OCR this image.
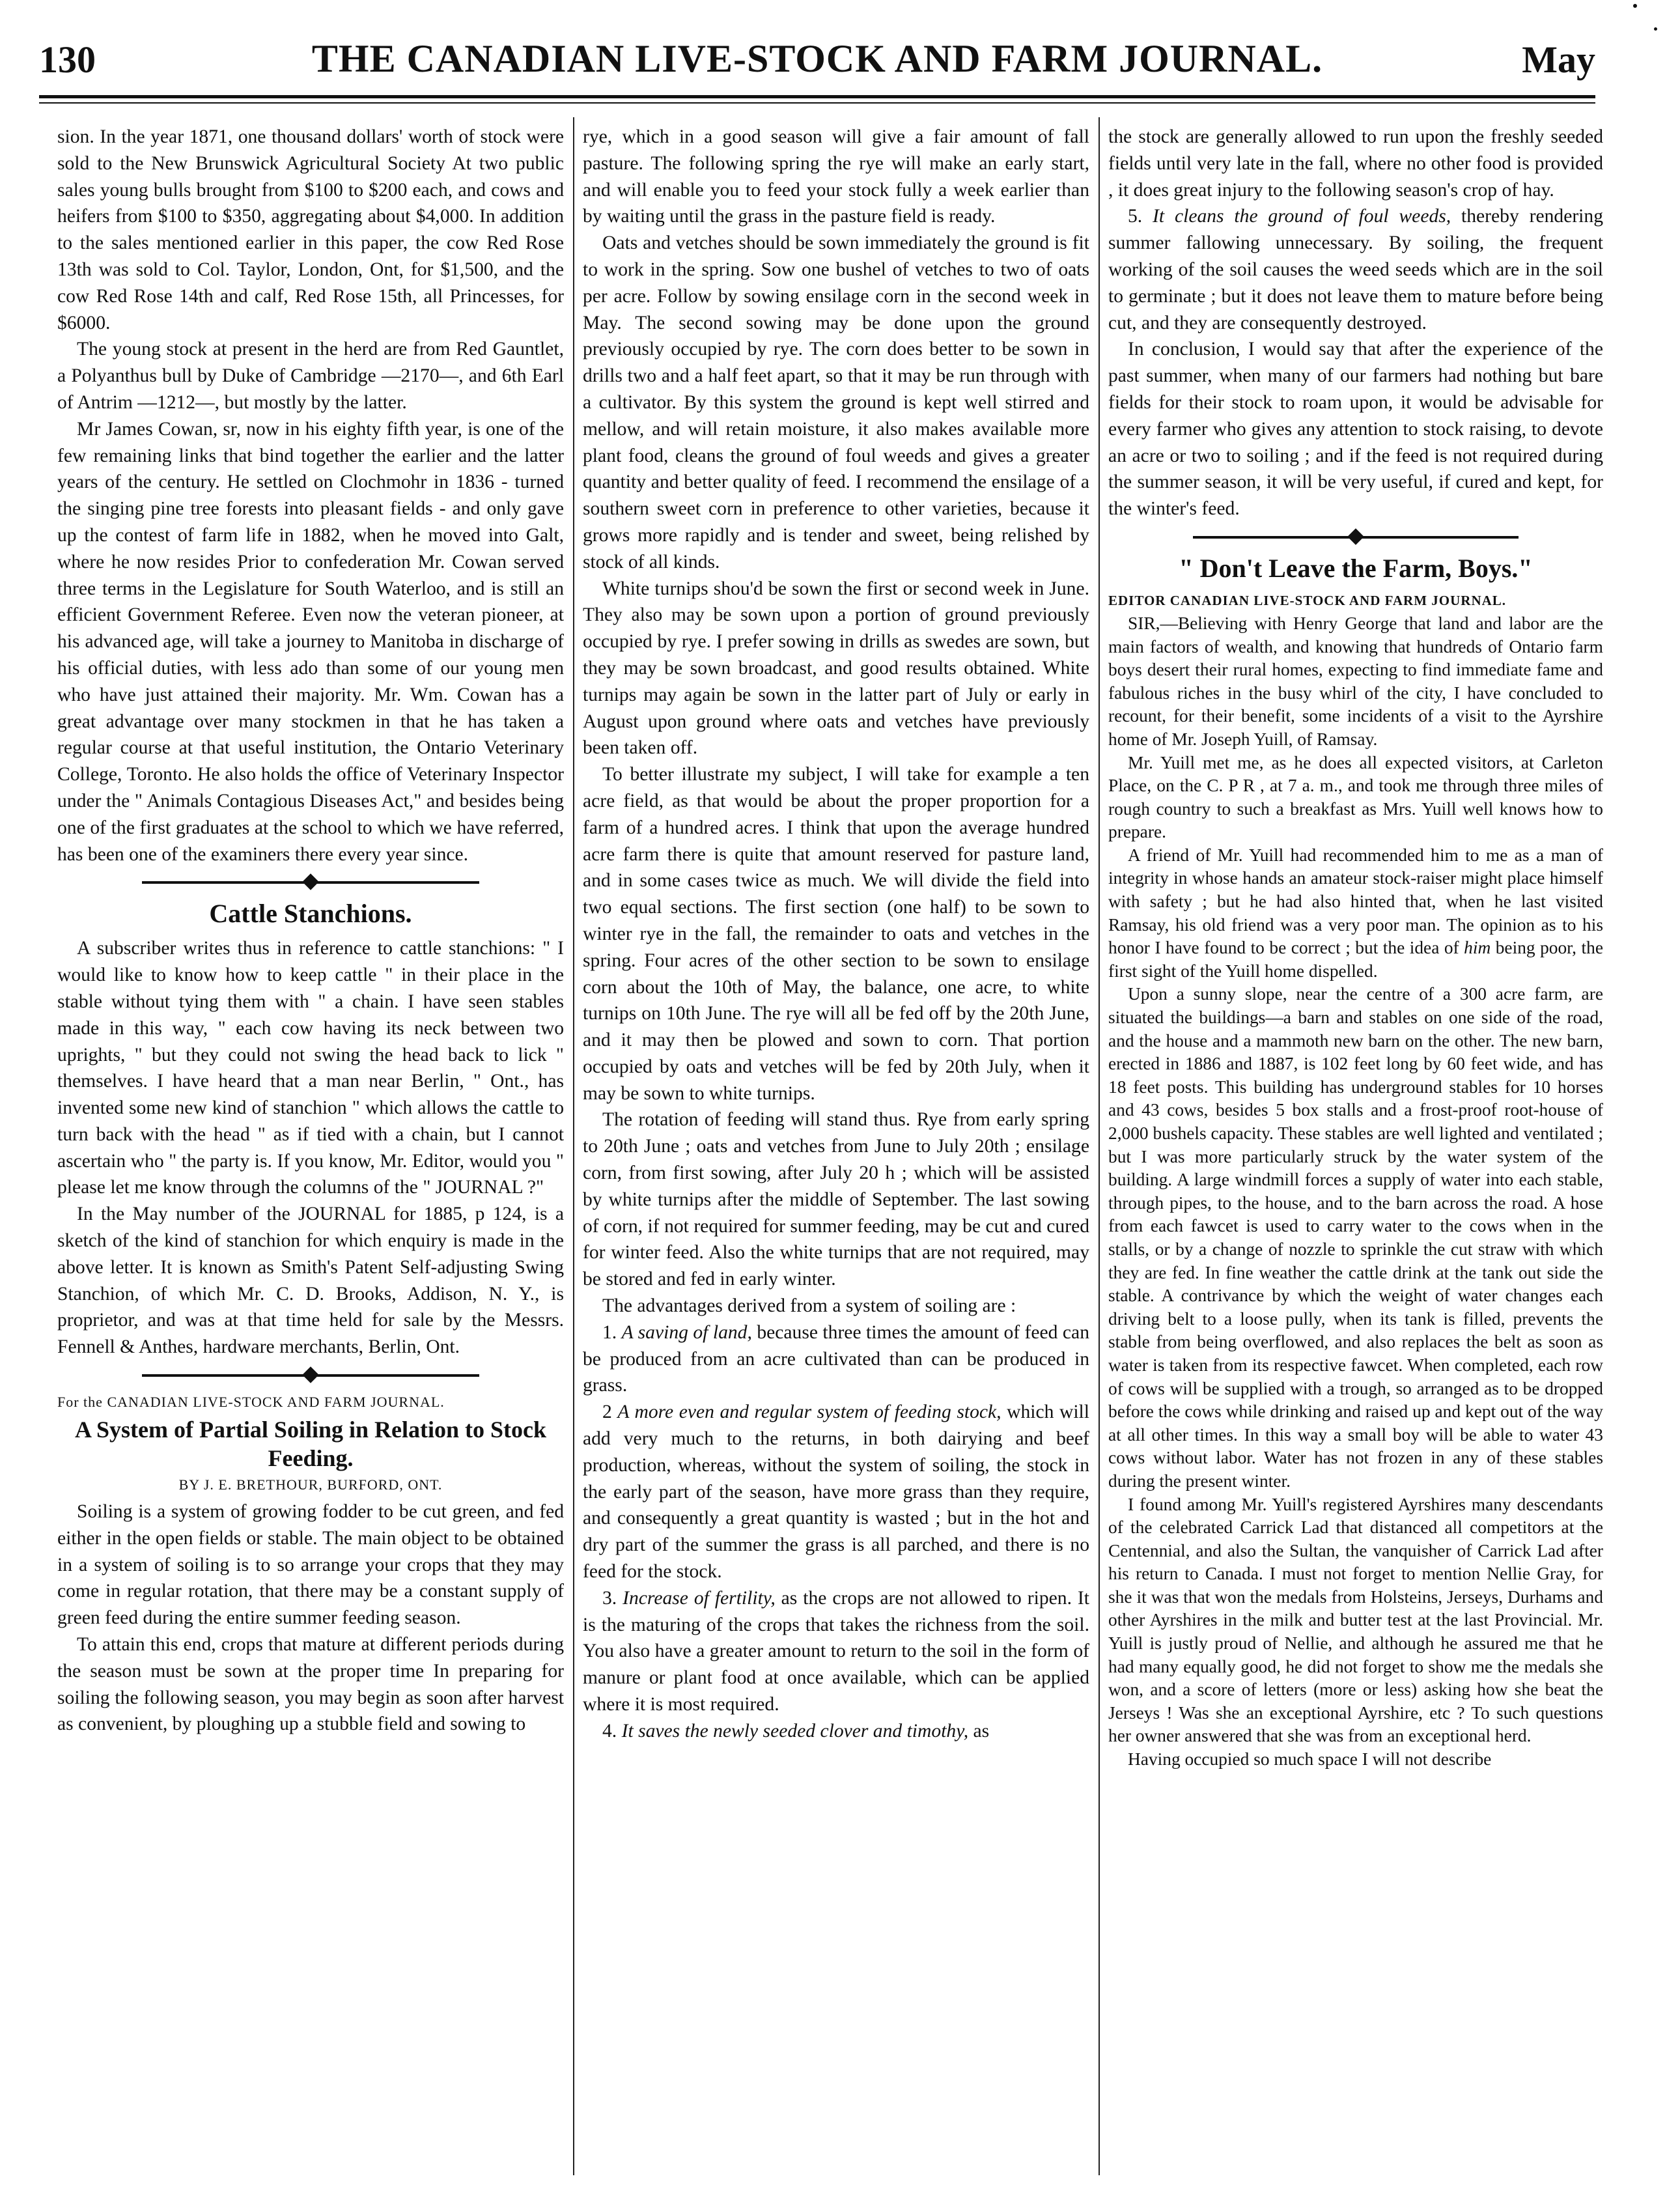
130	THE CANADIAN LIVE-STOCK AND FARM JOURNAL.	May

sion. In the year 1871, one thousand dollars' worth of stock were sold to the New Brunswick Agricultural Society At two public sales young bulls brought from $100 to $200 each, and cows and heifers from $100 to $350, aggregating about $4,000. In addition to the sales mentioned earlier in this paper, the cow Red Rose 13th was sold to Col. Taylor, London, Ont, for $1,500, and the cow Red Rose 14th and calf, Red Rose 15th, all Princesses, for $6000.

The young stock at present in the herd are from Red Gauntlet, a Polyanthus bull by Duke of Cambridge —2170—, and 6th Earl of Antrim —1212—, but mostly by the latter.

Mr James Cowan, sr, now in his eighty fifth year, is one of the few remaining links that bind together the earlier and the latter years of the century. He settled on Clochmohr in 1836 - turned the singing pine tree forests into pleasant fields - and only gave up the contest of farm life in 1882, when he moved into Galt, where he now resides Prior to confederation Mr. Cowan served three terms in the Legislature for South Waterloo, and is still an efficient Government Referee. Even now the veteran pioneer, at his advanced age, will take a journey to Manitoba in discharge of his official duties, with less ado than some of our young men who have just attained their majority. Mr. Wm. Cowan has a great advantage over many stockmen in that he has taken a regular course at that useful institution, the Ontario Veterinary College, Toronto. He also holds the office of Veterinary Inspector under the " Animals Contagious Diseases Act," and besides being one of the first graduates at the school to which we have referred, has been one of the examiners there every year since.

Cattle Stanchions.

A subscriber writes thus in reference to cattle stanchions: " I would like to know how to keep cattle " in their place in the stable without tying them with " a chain. I have seen stables made in this way, " each cow having its neck between two uprights, " but they could not swing the head back to lick " themselves. I have heard that a man near Berlin, " Ont., has invented some new kind of stanchion " which allows the cattle to turn back with the head " as if tied with a chain, but I cannot ascertain who " the party is. If you know, Mr. Editor, would you " please let me know through the columns of the " JOURNAL ?"

In the May number of the JOURNAL for 1885, p 124, is a sketch of the kind of stanchion for which enquiry is made in the above letter. It is known as Smith's Patent Self-adjusting Swing Stanchion, of which Mr. C. D. Brooks, Addison, N. Y., is proprietor, and was at that time held for sale by the Messrs. Fennell & Anthes, hardware merchants, Berlin, Ont.

For the CANADIAN LIVE-STOCK AND FARM JOURNAL.

A System of Partial Soiling in Relation to Stock Feeding.
BY J. E. BRETHOUR, BURFORD, ONT.

Soiling is a system of growing fodder to be cut green, and fed either in the open fields or stable. The main object to be obtained in a system of soiling is to so arrange your crops that they may come in regular rotation, that there may be a constant supply of green feed during the entire summer feeding season.

To attain this end, crops that mature at different periods during the season must be sown at the proper time In preparing for soiling the following season, you may begin as soon after harvest as convenient, by ploughing up a stubble field and sowing to

rye, which in a good season will give a fair amount of fall pasture. The following spring the rye will make an early start, and will enable you to feed your stock fully a week earlier than by waiting until the grass in the pasture field is ready.

Oats and vetches should be sown immediately the ground is fit to work in the spring. Sow one bushel of vetches to two of oats per acre. Follow by sowing ensilage corn in the second week in May. The second sowing may be done upon the ground previously occupied by rye. The corn does better to be sown in drills two and a half feet apart, so that it may be run through with a cultivator. By this system the ground is kept well stirred and mellow, and will retain moisture, it also makes available more plant food, cleans the ground of foul weeds and gives a greater quantity and better quality of feed. I recommend the ensilage of a southern sweet corn in preference to other varieties, because it grows more rapidly and is tender and sweet, being relished by stock of all kinds.

White turnips shou'd be sown the first or second week in June. They also may be sown upon a portion of ground previously occupied by rye. I prefer sowing in drills as swedes are sown, but they may be sown broadcast, and good results obtained. White turnips may again be sown in the latter part of July or early in August upon ground where oats and vetches have previously been taken off.

To better illustrate my subject, I will take for example a ten acre field, as that would be about the proper proportion for a farm of a hundred acres. I think that upon the average hundred acre farm there is quite that amount reserved for pasture land, and in some cases twice as much. We will divide the field into two equal sections. The first section (one half) to be sown to winter rye in the fall, the remainder to oats and vetches in the spring. Four acres of the other section to be sown to ensilage corn about the 10th of May, the balance, one acre, to white turnips on 10th June. The rye will all be fed off by the 20th June, and it may then be plowed and sown to corn. That portion occupied by oats and vetches will be fed by 20th July, when it may be sown to white turnips.

The rotation of feeding will stand thus. Rye from early spring to 20th June ; oats and vetches from June to July 20th ; ensilage corn, from first sowing, after July 20 h ; which will be assisted by white turnips after the middle of September. The last sowing of corn, if not required for summer feeding, may be cut and cured for winter feed. Also the white turnips that are not required, may be stored and fed in early winter.

The advantages derived from a system of soiling are :

1. A saving of land, because three times the amount of feed can be produced from an acre cultivated than can be produced in grass.

2 A more even and regular system of feeding stock, which will add very much to the returns, in both dairying and beef production, whereas, without the system of soiling, the stock in the early part of the season, have more grass than they require, and consequently a great quantity is wasted ; but in the hot and dry part of the summer the grass is all parched, and there is no feed for the stock.

3. Increase of fertility, as the crops are not allowed to ripen. It is the maturing of the crops that takes the richness from the soil. You also have a greater amount to return to the soil in the form of manure or plant food at once available, which can be applied where it is most required.

4. It saves the newly seeded clover and timothy, as

the stock are generally allowed to run upon the freshly seeded fields until very late in the fall, where no other food is provided , it does great injury to the following season's crop of hay.

5. It cleans the ground of foul weeds, thereby rendering summer fallowing unnecessary. By soiling, the frequent working of the soil causes the weed seeds which are in the soil to germinate ; but it does not leave them to mature before being cut, and they are consequently destroyed.

In conclusion, I would say that after the experience of the past summer, when many of our farmers had nothing but bare fields for their stock to roam upon, it would be advisable for every farmer who gives any attention to stock raising, to devote an acre or two to soiling ; and if the feed is not required during the summer season, it will be very useful, if cured and kept, for the winter's feed.

" Don't Leave the Farm, Boys."

EDITOR CANADIAN LIVE-STOCK AND FARM JOURNAL.

SIR,—Believing with Henry George that land and labor are the main factors of wealth, and knowing that hundreds of Ontario farm boys desert their rural homes, expecting to find immediate fame and fabulous riches in the busy whirl of the city, I have concluded to recount, for their benefit, some incidents of a visit to the Ayrshire home of Mr. Joseph Yuill, of Ramsay.

Mr. Yuill met me, as he does all expected visitors, at Carleton Place, on the C. P R , at 7 a. m., and took me through three miles of rough country to such a breakfast as Mrs. Yuill well knows how to prepare.

A friend of Mr. Yuill had recommended him to me as a man of integrity in whose hands an amateur stock-raiser might place himself with safety ; but he had also hinted that, when he last visited Ramsay, his old friend was a very poor man. The opinion as to his honor I have found to be correct ; but the idea of him being poor, the first sight of the Yuill home dispelled.

Upon a sunny slope, near the centre of a 300 acre farm, are situated the buildings—a barn and stables on one side of the road, and the house and a mammoth new barn on the other. The new barn, erected in 1886 and 1887, is 102 feet long by 60 feet wide, and has 18 feet posts. This building has underground stables for 10 horses and 43 cows, besides 5 box stalls and a frost-proof root-house of 2,000 bushels capacity. These stables are well lighted and ventilated ; but I was more particularly struck by the water system of the building. A large windmill forces a supply of water into each stable, through pipes, to the house, and to the barn across the road. A hose from each fawcet is used to carry water to the cows when in the stalls, or by a change of nozzle to sprinkle the cut straw with which they are fed. In fine weather the cattle drink at the tank out side the stable. A contrivance by which the weight of water changes each driving belt to a loose pully, when its tank is filled, prevents the stable from being overflowed, and also replaces the belt as soon as water is taken from its respective fawcet. When completed, each row of cows will be supplied with a trough, so arranged as to be dropped before the cows while drinking and raised up and kept out of the way at all other times. In this way a small boy will be able to water 43 cows without labor. Water has not frozen in any of these stables during the present winter.

I found among Mr. Yuill's registered Ayrshires many descendants of the celebrated Carrick Lad that distanced all competitors at the Centennial, and also the Sultan, the vanquisher of Carrick Lad after his return to Canada. I must not forget to mention Nellie Gray, for she it was that won the medals from Holsteins, Jerseys, Durhams and other Ayrshires in the milk and butter test at the last Provincial. Mr. Yuill is justly proud of Nellie, and although he assured me that he had many equally good, he did not forget to show me the medals she won, and a score of letters (more or less) asking how she beat the Jerseys ! Was she an exceptional Ayrshire, etc ? To such questions her owner answered that she was from an exceptional herd.

Having occupied so much space I will not describe
